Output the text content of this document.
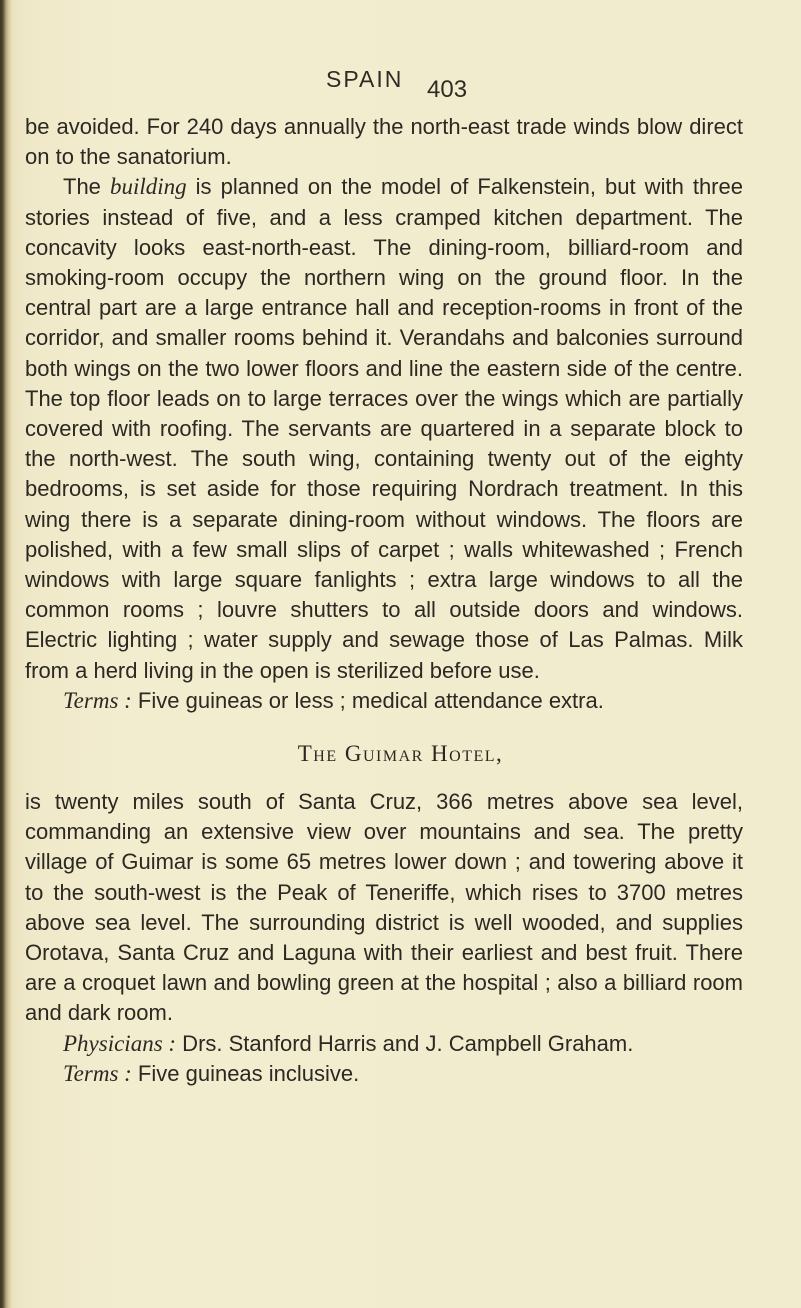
SPAIN 403

be avoided. For 240 days annually the north-east trade winds blow direct on to the sanatorium.

The building is planned on the model of Falkenstein, but with three stories instead of five, and a less cramped kitchen department. The concavity looks east-north-east. The dining-room, billiard-room and smoking-room occupy the northern wing on the ground floor. In the central part are a large entrance hall and reception-rooms in front of the corridor, and smaller rooms behind it. Verandahs and balconies surround both wings on the two lower floors and line the eastern side of the centre. The top floor leads on to large terraces over the wings which are partially covered with roofing. The servants are quartered in a separate block to the north-west. The south wing, containing twenty out of the eighty bedrooms, is set aside for those requiring Nordrach treatment. In this wing there is a separate dining-room without windows. The floors are polished, with a few small slips of carpet ; walls whitewashed ; French windows with large square fanlights ; extra large windows to all the common rooms ; louvre shutters to all outside doors and windows. Electric lighting ; water supply and sewage those of Las Palmas. Milk from a herd living in the open is sterilized before use.

Terms : Five guineas or less ; medical attendance extra.

The Guimar Hotel,

is twenty miles south of Santa Cruz, 366 metres above sea level, commanding an extensive view over mountains and sea. The pretty village of Guimar is some 65 metres lower down ; and towering above it to the south-west is the Peak of Teneriffe, which rises to 3700 metres above sea level. The surrounding district is well wooded, and supplies Orotava, Santa Cruz and Laguna with their earliest and best fruit. There are a croquet lawn and bowling green at the hospital ; also a billiard room and dark room.

Physicians : Drs. Stanford Harris and J. Campbell Graham.

Terms : Five guineas inclusive.
